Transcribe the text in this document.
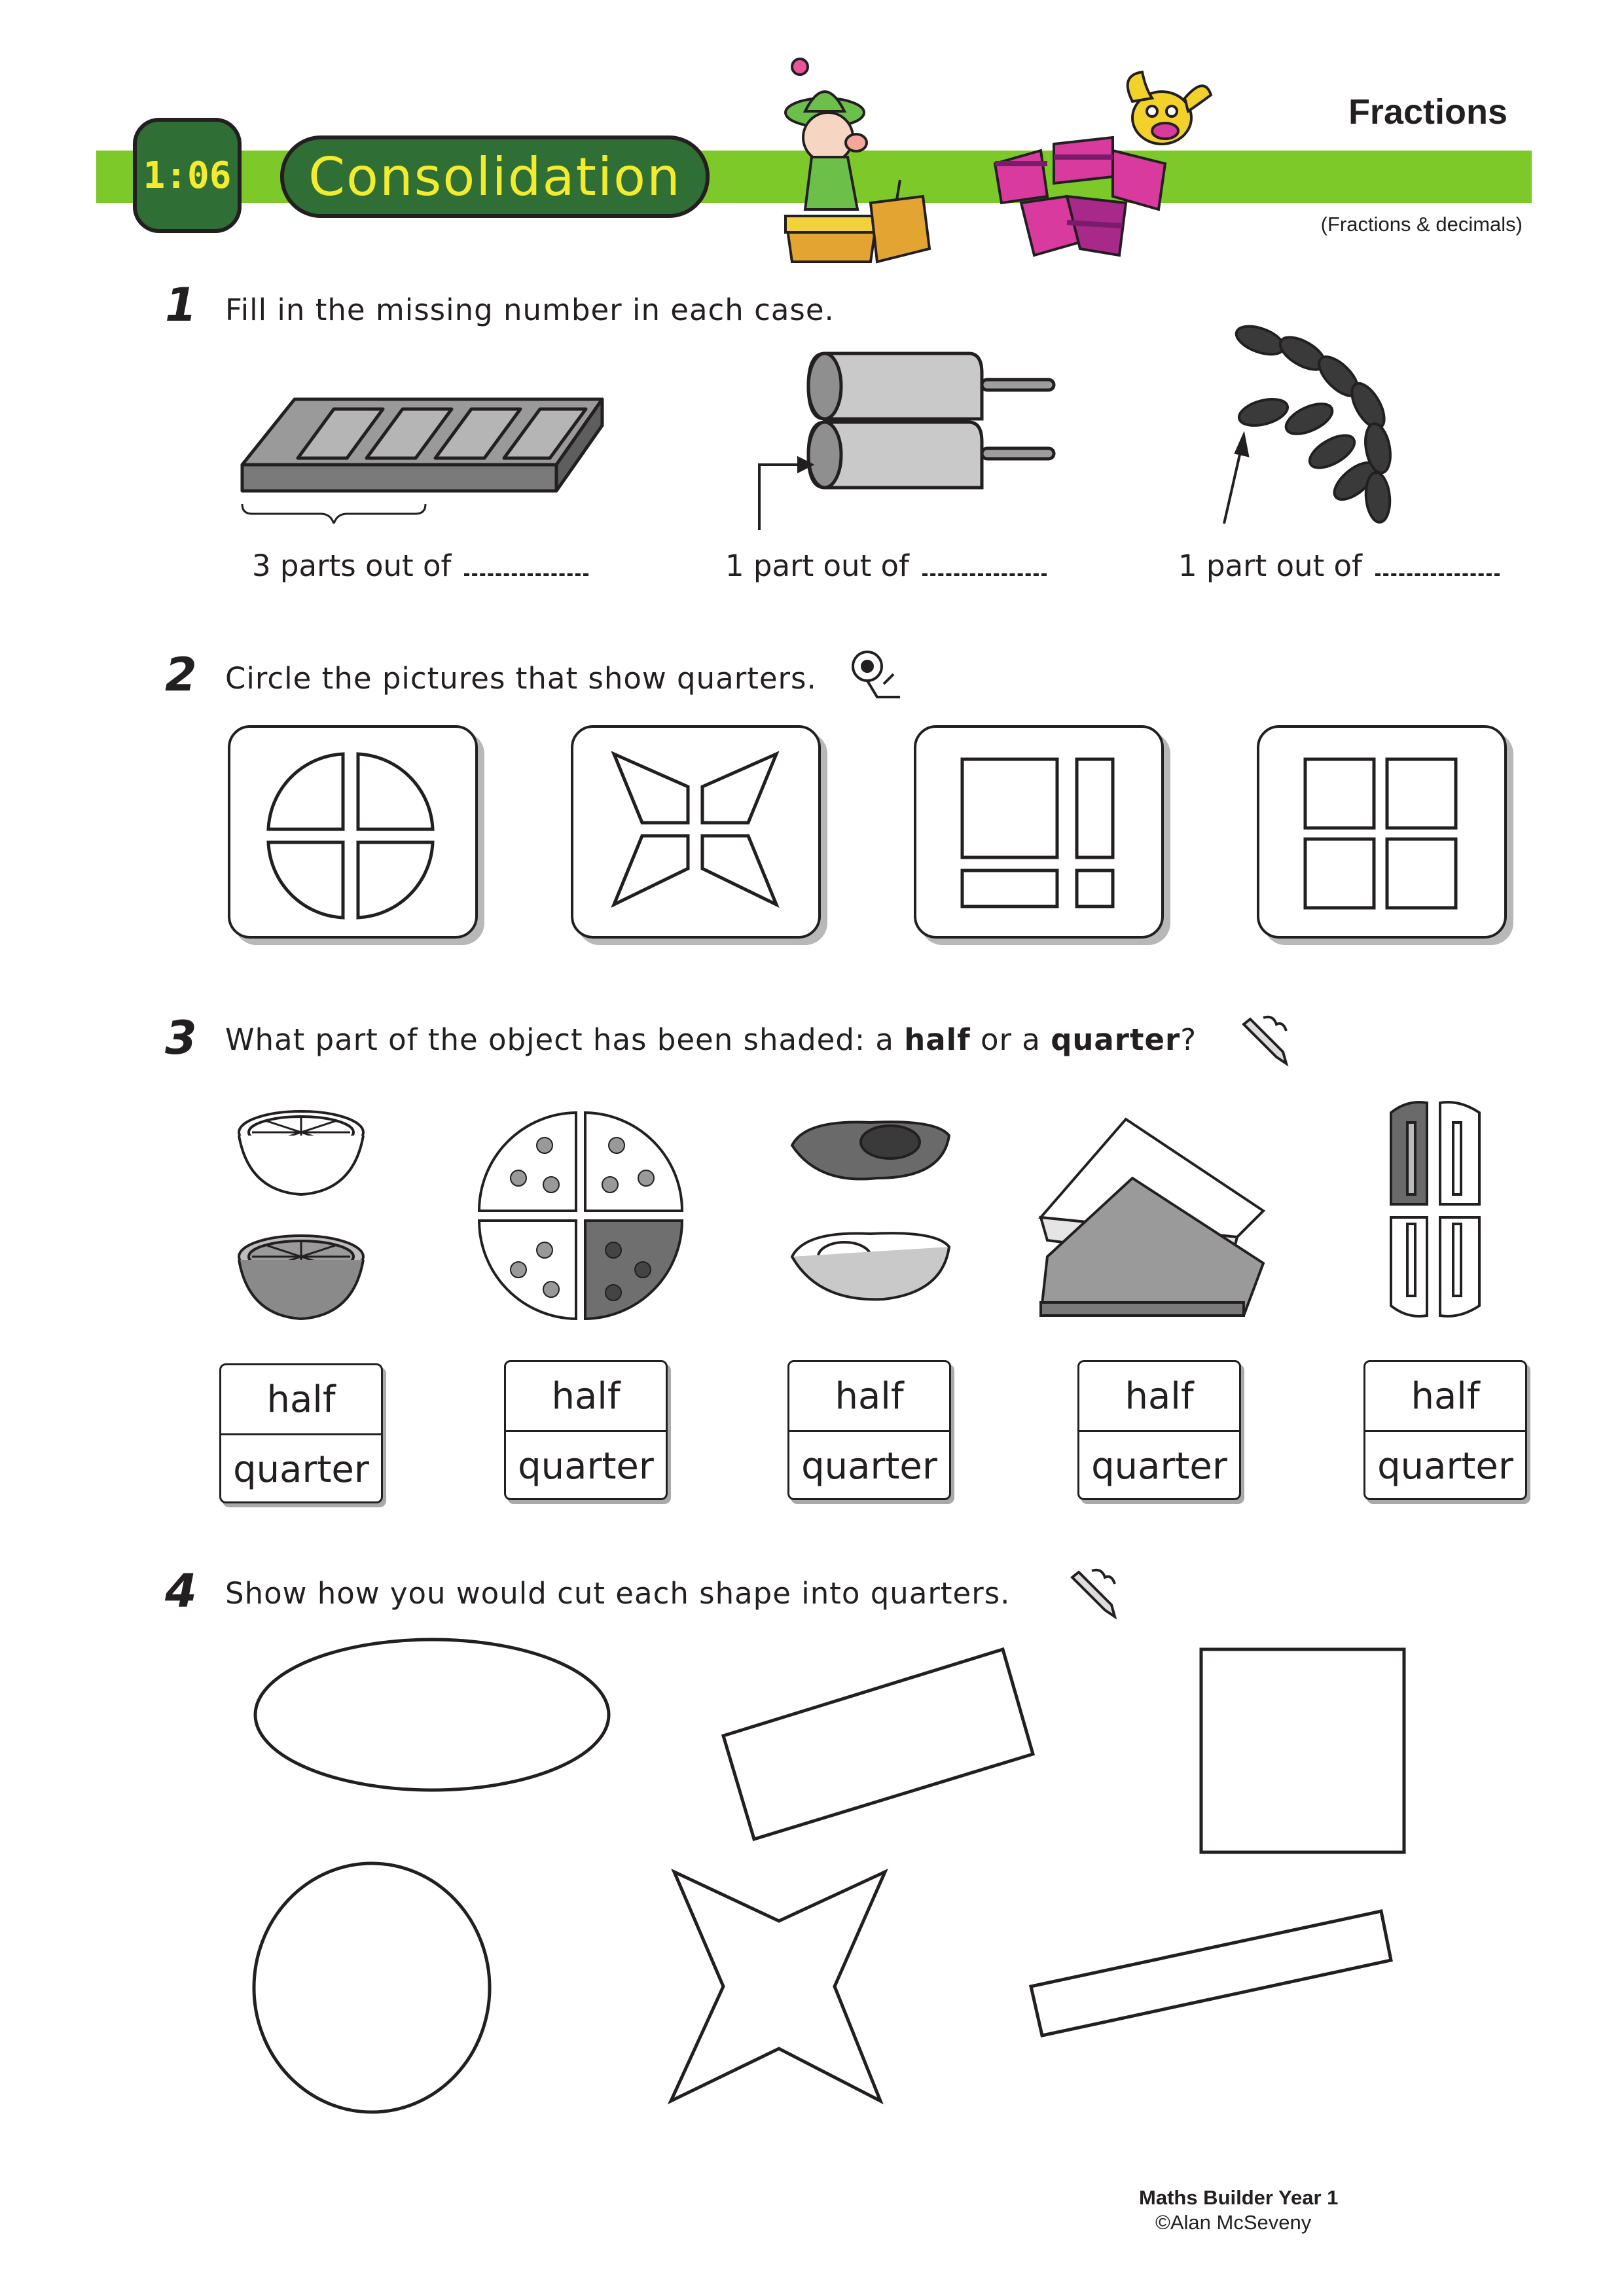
1:06 Consolidation
Fractions
(Fractions & decimals)
1 Fill in the missing number in each case.
3 parts out of	1 part out of	1 part out of
2 Circle the pictures that show quarters.
3 What part of the object has been shaded: a half or a quarter?
half
quarter
half
quarter
half
quarter
half
quarter
half
quarter
4 Show how you would cut each shape into quarters.
Maths Builder Year 1
©Alan McSeveny
